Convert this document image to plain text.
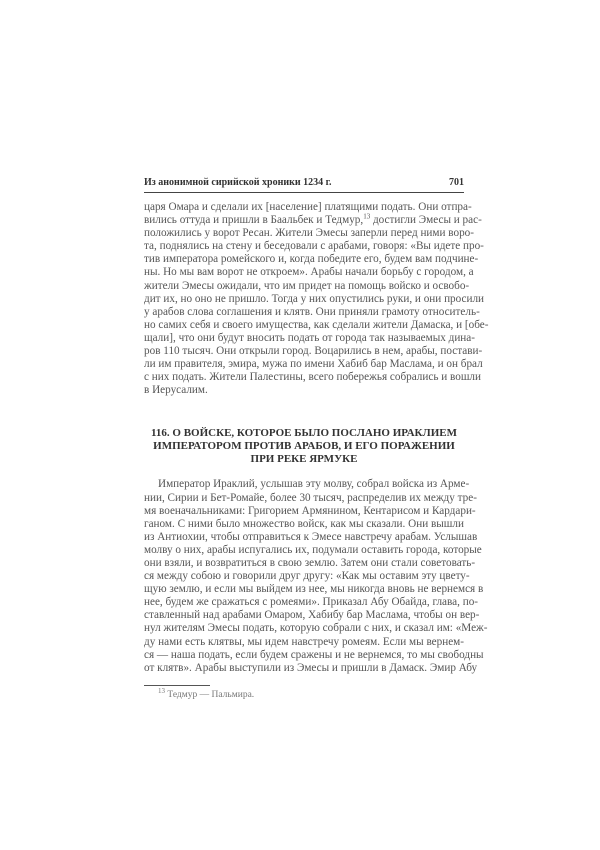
Из анонимной сирийской хроники 1234 г.	701
царя Омара и сделали их [население] платящими подать. Они отпра-
вились оттуда и пришли в Баальбек и Тедмур,$^{13}$ достигли Эмесы и рас-
положились у ворот Ресан. Жители Эмесы заперли перед ними воро-
та, поднялись на стену и беседовали с арабами, говоря: «Вы идете про-
тив императора ромейского и, когда победите его, будем вам подчине-
ны. Но мы вам ворот не откроем». Арабы начали борьбу с городом, а
жители Эмесы ожидали, что им придет на помощь войско и освобо-
дит их, но оно не пришло. Тогда у них опустились руки, и они просили
у арабов слова соглашения и клятв. Они приняли грамоту относитель-
но самих себя и своего имущества, как сделали жители Дамаска, и [обе-
щали], что они будут вносить подать от города так называемых дина-
ров 110 тысяч. Они открыли город. Воцарились в нем, арабы, постави-
ли им правителя, эмира, мужа по имени Хабиб бар Маслама, и он брал
с них подать. Жители Палестины, всего побережья собрались и вошли
в Иерусалим.
116. О ВОЙСКЕ, КОТОРОЕ БЫЛО ПОСЛАНО ИРАКЛИЕМ
ИМПЕРАТОРОМ ПРОТИВ АРАБОВ, И ЕГО ПОРАЖЕНИИ
ПРИ РЕКЕ ЯРМУКЕ
Император Ираклий, услышав эту молву, собрал войска из Арме-
нии, Сирии и Бет-Ромайе, более 30 тысяч, распределив их между тре-
мя военачальниками: Григорием Армянином, Кентарисом и Кардари-
ганом. С ними было множество войск, как мы сказали. Они вышли
из Антиохии, чтобы отправиться к Эмесе навстречу арабам. Услышав
молву о них, арабы испугались их, подумали оставить города, которые
они взяли, и возвратиться в свою землю. Затем они стали советовать-
ся между собою и говорили друг другу: «Как мы оставим эту цвету-
щую землю, и если мы выйдем из нее, мы никогда вновь не вернемся в
нее, будем же сражаться с ромеями». Приказал Абу Обайда, глава, по-
ставленный над арабами Омаром, Хабибу бар Маслама, чтобы он вер-
нул жителям Эмесы подать, которую собрали с них, и сказал им: «Меж-
ду нами есть клятвы, мы идем навстречу ромеям. Если мы вернем-
ся — наша подать, если будем сражены и не вернемся, то мы свободны
от клятв». Арабы выступили из Эмесы и пришли в Дамаск. Эмир Абу
$^{13}$ Тедмур — Пальмира.
